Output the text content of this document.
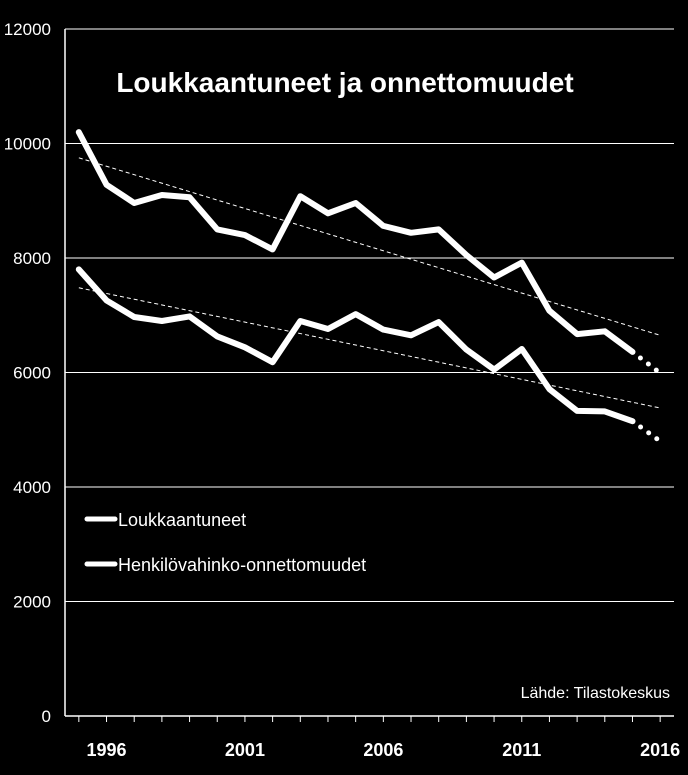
0
2000
4000
6000
8000
10000
12000
1996	2001	2006	2011	2016
Loukkaantuneet ja onnettomuudet
Loukkaantuneet
Henkilövahinko-onnettomuudet
Lähde: Tilastokeskus
